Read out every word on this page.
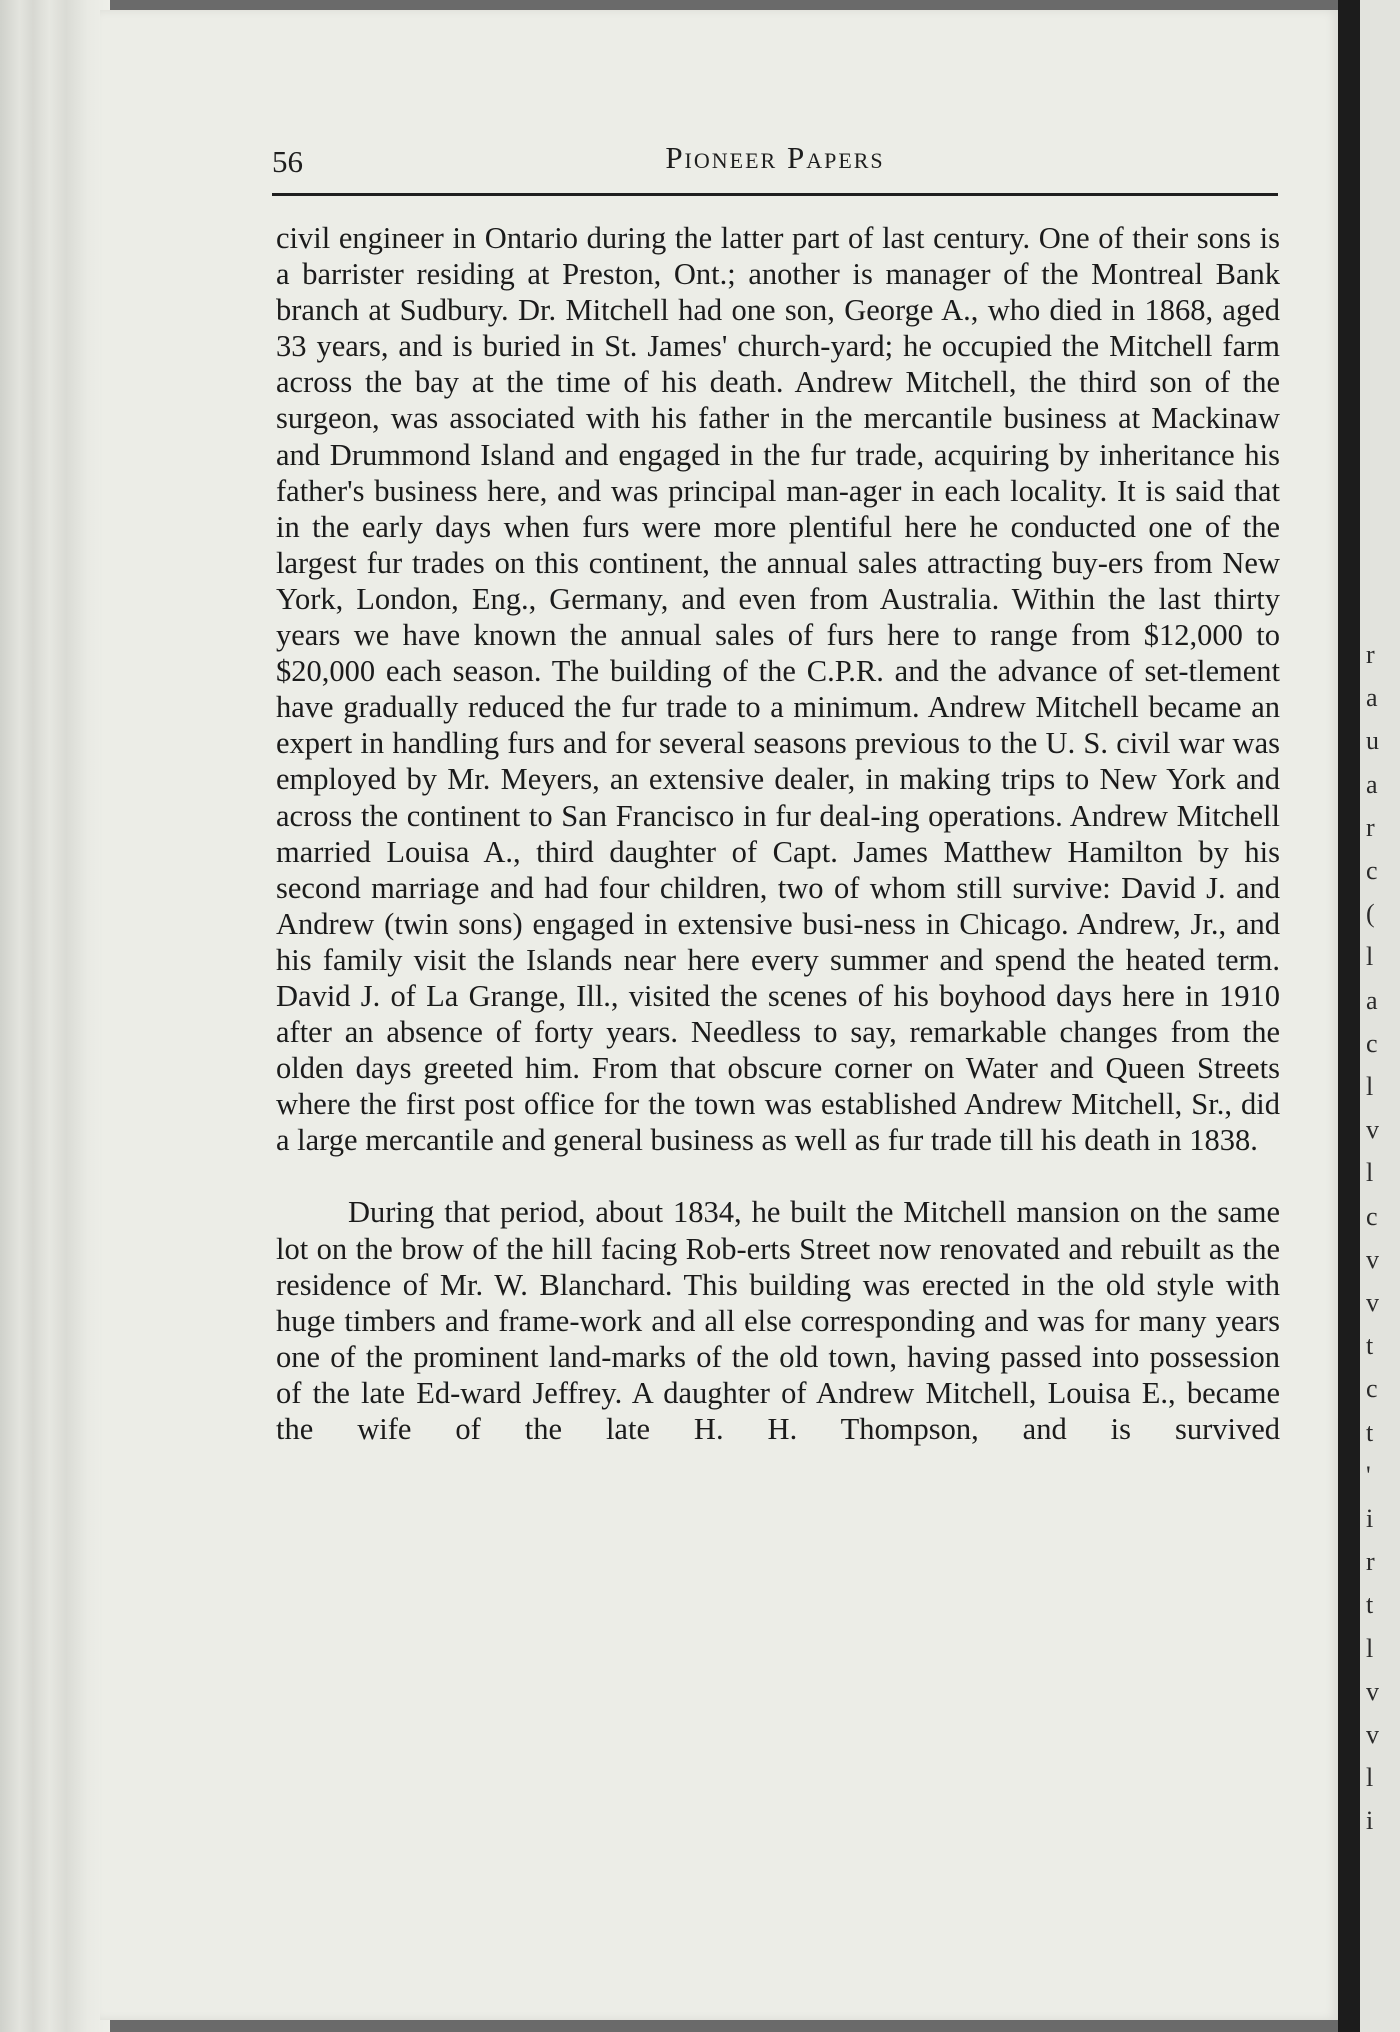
r
a
u
a
r
c
(
l
a
c
l
v
l
c
v
v
t
c
t
'
i
r
t
l
v
v
l
i
56	Pioneer Papers

civil engineer in Ontario during the latter part of last century. One of their sons is a barrister residing at Preston, Ont.; another is manager of the Montreal Bank branch at Sudbury. Dr. Mitchell had one son, George A., who died in 1868, aged 33 years, and is buried in St. James' church-yard; he occupied the Mitchell farm across the bay at the time of his death. Andrew Mitchell, the third son of the surgeon, was associated with his father in the mercantile business at Mackinaw and Drummond Island and engaged in the fur trade, acquiring by inheritance his father's business here, and was principal man-ager in each locality. It is said that in the early days when furs were more plentiful here he conducted one of the largest fur trades on this continent, the annual sales attracting buy-ers from New York, London, Eng., Germany, and even from Australia. Within the last thirty years we have known the annual sales of furs here to range from $12,000 to $20,000 each season. The building of the C.P.R. and the advance of set-tlement have gradually reduced the fur trade to a minimum. Andrew Mitchell became an expert in handling furs and for several seasons previous to the U. S. civil war was employed by Mr. Meyers, an extensive dealer, in making trips to New York and across the continent to San Francisco in fur deal-ing operations. Andrew Mitchell married Louisa A., third daughter of Capt. James Matthew Hamilton by his second marriage and had four children, two of whom still survive: David J. and Andrew (twin sons) engaged in extensive busi-ness in Chicago. Andrew, Jr., and his family visit the Islands near here every summer and spend the heated term. David J. of La Grange, Ill., visited the scenes of his boyhood days here in 1910 after an absence of forty years. Needless to say, remarkable changes from the olden days greeted him. From that obscure corner on Water and Queen Streets where the first post office for the town was established Andrew Mitchell, Sr., did a large mercantile and general business as well as fur trade till his death in 1838.

During that period, about 1834, he built the Mitchell mansion on the same lot on the brow of the hill facing Rob-erts Street now renovated and rebuilt as the residence of Mr. W. Blanchard. This building was erected in the old style with huge timbers and frame-work and all else corresponding and was for many years one of the prominent land-marks of the old town, having passed into possession of the late Ed-ward Jeffrey. A daughter of Andrew Mitchell, Louisa E., became the wife of the late H. H. Thompson, and is survived
